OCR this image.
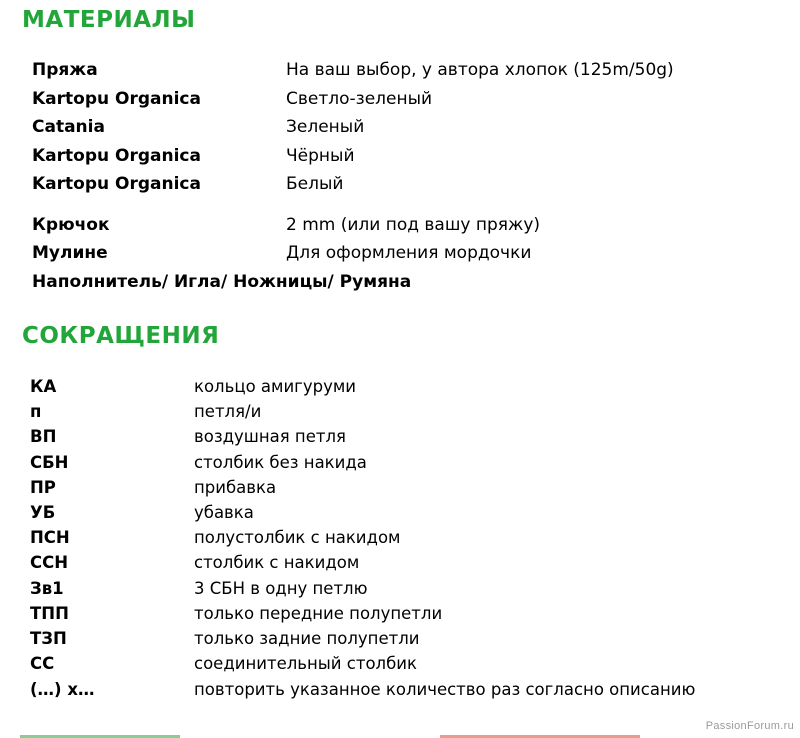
МАТЕРИАЛЫ
Пряжа	На ваш выбор, у автора хлопок (125m/50g)
Kartopu Organica	Светло-зеленый
Catania	Зеленый
Kartopu Organica	Чёрный
Kartopu Organica	Белый
Крючок	2 mm (или под вашу пряжу)
Мулине	Для оформления мордочки
Наполнитель/ Игла/ Ножницы/ Румяна
СОКРАЩЕНИЯ
КА	кольцо амигуруми
п	петля/и
ВП	воздушная петля
СБН	столбик без накида
ПР	прибавка
УБ	убавка
ПСН	полустолбик с накидом
ССН	столбик с накидом
Зв1	3 СБН в одну петлю
ТПП	только передние полупетли
ТЗП	только задние полупетли
СС	соединительный столбик
(…) х…	повторить указанное количество раз согласно описанию
PassionForum.ru
